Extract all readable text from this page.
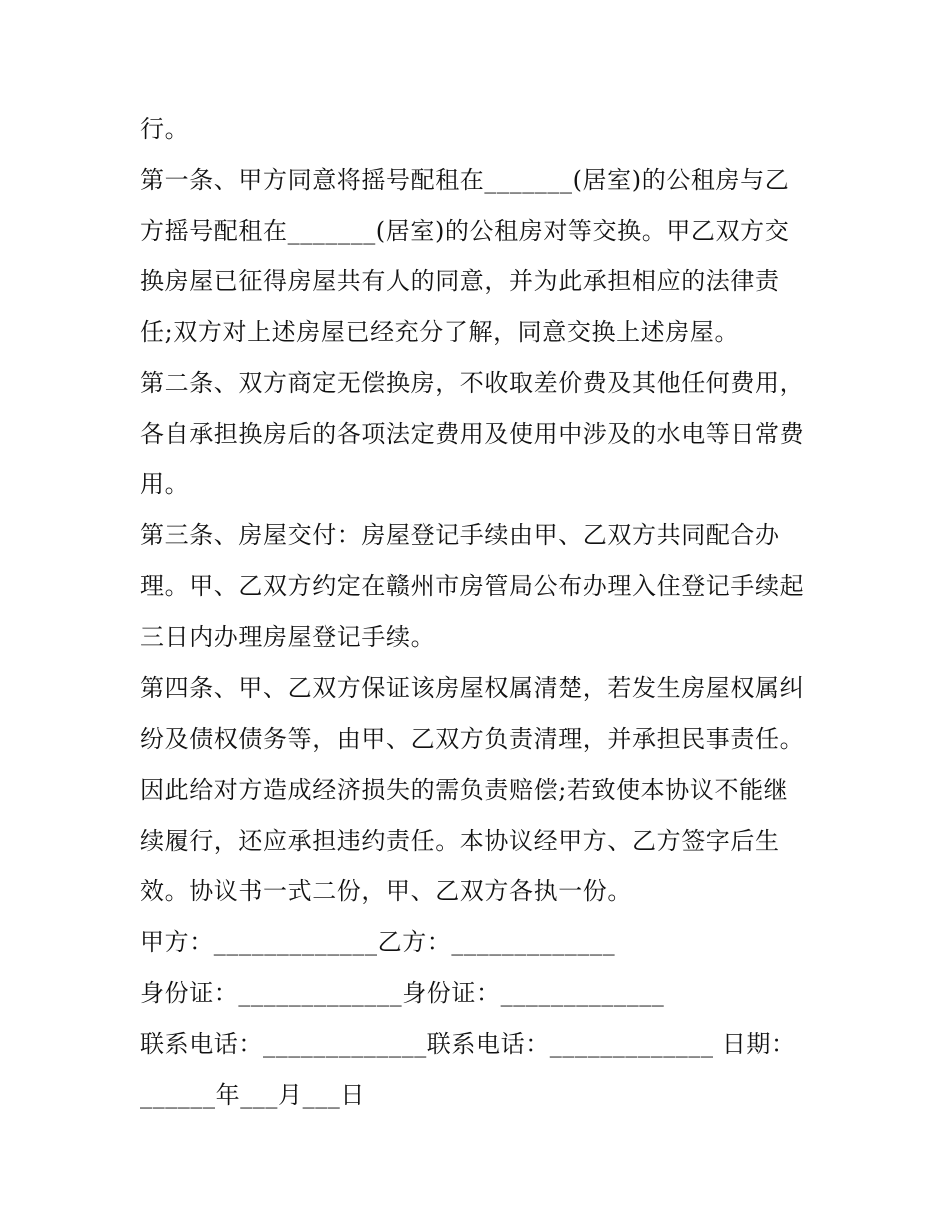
行。

第一条、甲方同意将摇号配租在_______(居室)的公租房与乙

方摇号配租在_______(居室)的公租房对等交换。甲乙双方交

换房屋已征得房屋共有人的同意，并为此承担相应的法律责

任;双方对上述房屋已经充分了解，同意交换上述房屋。

第二条、双方商定无偿换房，不收取差价费及其他任何费用，

各自承担换房后的各项法定费用及使用中涉及的水电等日常费

用。

第三条、房屋交付：房屋登记手续由甲、乙双方共同配合办

理。甲、乙双方约定在赣州市房管局公布办理入住登记手续起

三日内办理房屋登记手续。

第四条、甲、乙双方保证该房屋权属清楚，若发生房屋权属纠

纷及债权债务等，由甲、乙双方负责清理，并承担民事责任。

因此给对方造成经济损失的需负责赔偿;若致使本协议不能继

续履行，还应承担违约责任。本协议经甲方、乙方签字后生

效。协议书一式二份，甲、乙双方各执一份。

甲方：_____________乙方：_____________

身份证：_____________身份证：_____________

联系电话：_____________联系电话：_____________ 日期：

______年___月___日
